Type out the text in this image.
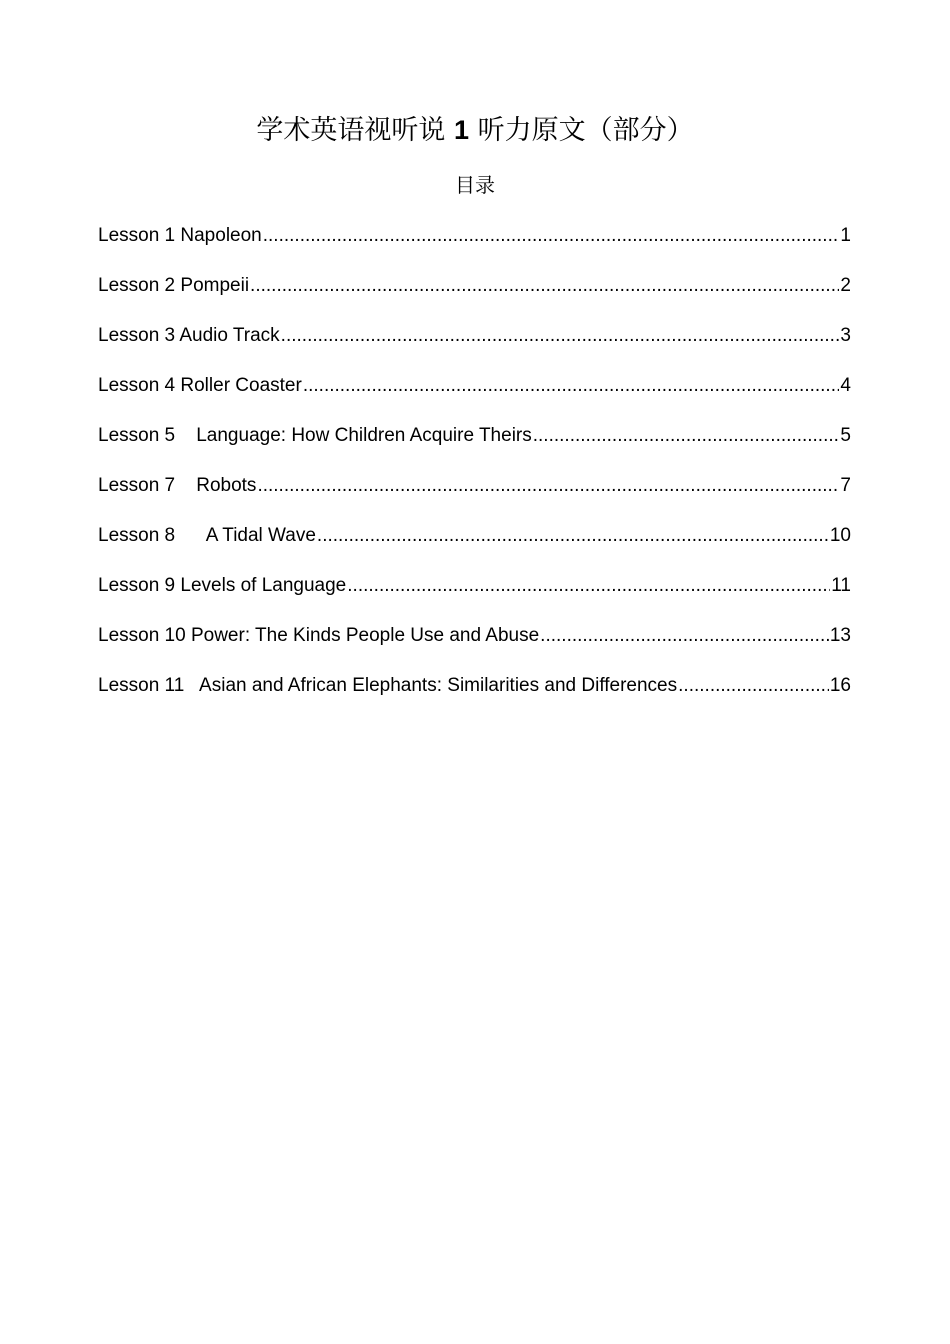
学术英语视听说 1 听力原文（部分）
目录
Lesson 1 Napoleon .....	1
Lesson 2 Pompeii .....	2
Lesson 3 Audio Track .....	3
Lesson 4 Roller Coaster .....	4
Lesson 5    Language: How Children Acquire Theirs .....	5
Lesson 7    Robots .....	7
Lesson 8      A Tidal Wave .....	10
Lesson 9 Levels of Language .....	11
Lesson 10 Power: The Kinds People Use and Abuse .....	13
Lesson 11   Asian and African Elephants: Similarities and Differences .....	16
